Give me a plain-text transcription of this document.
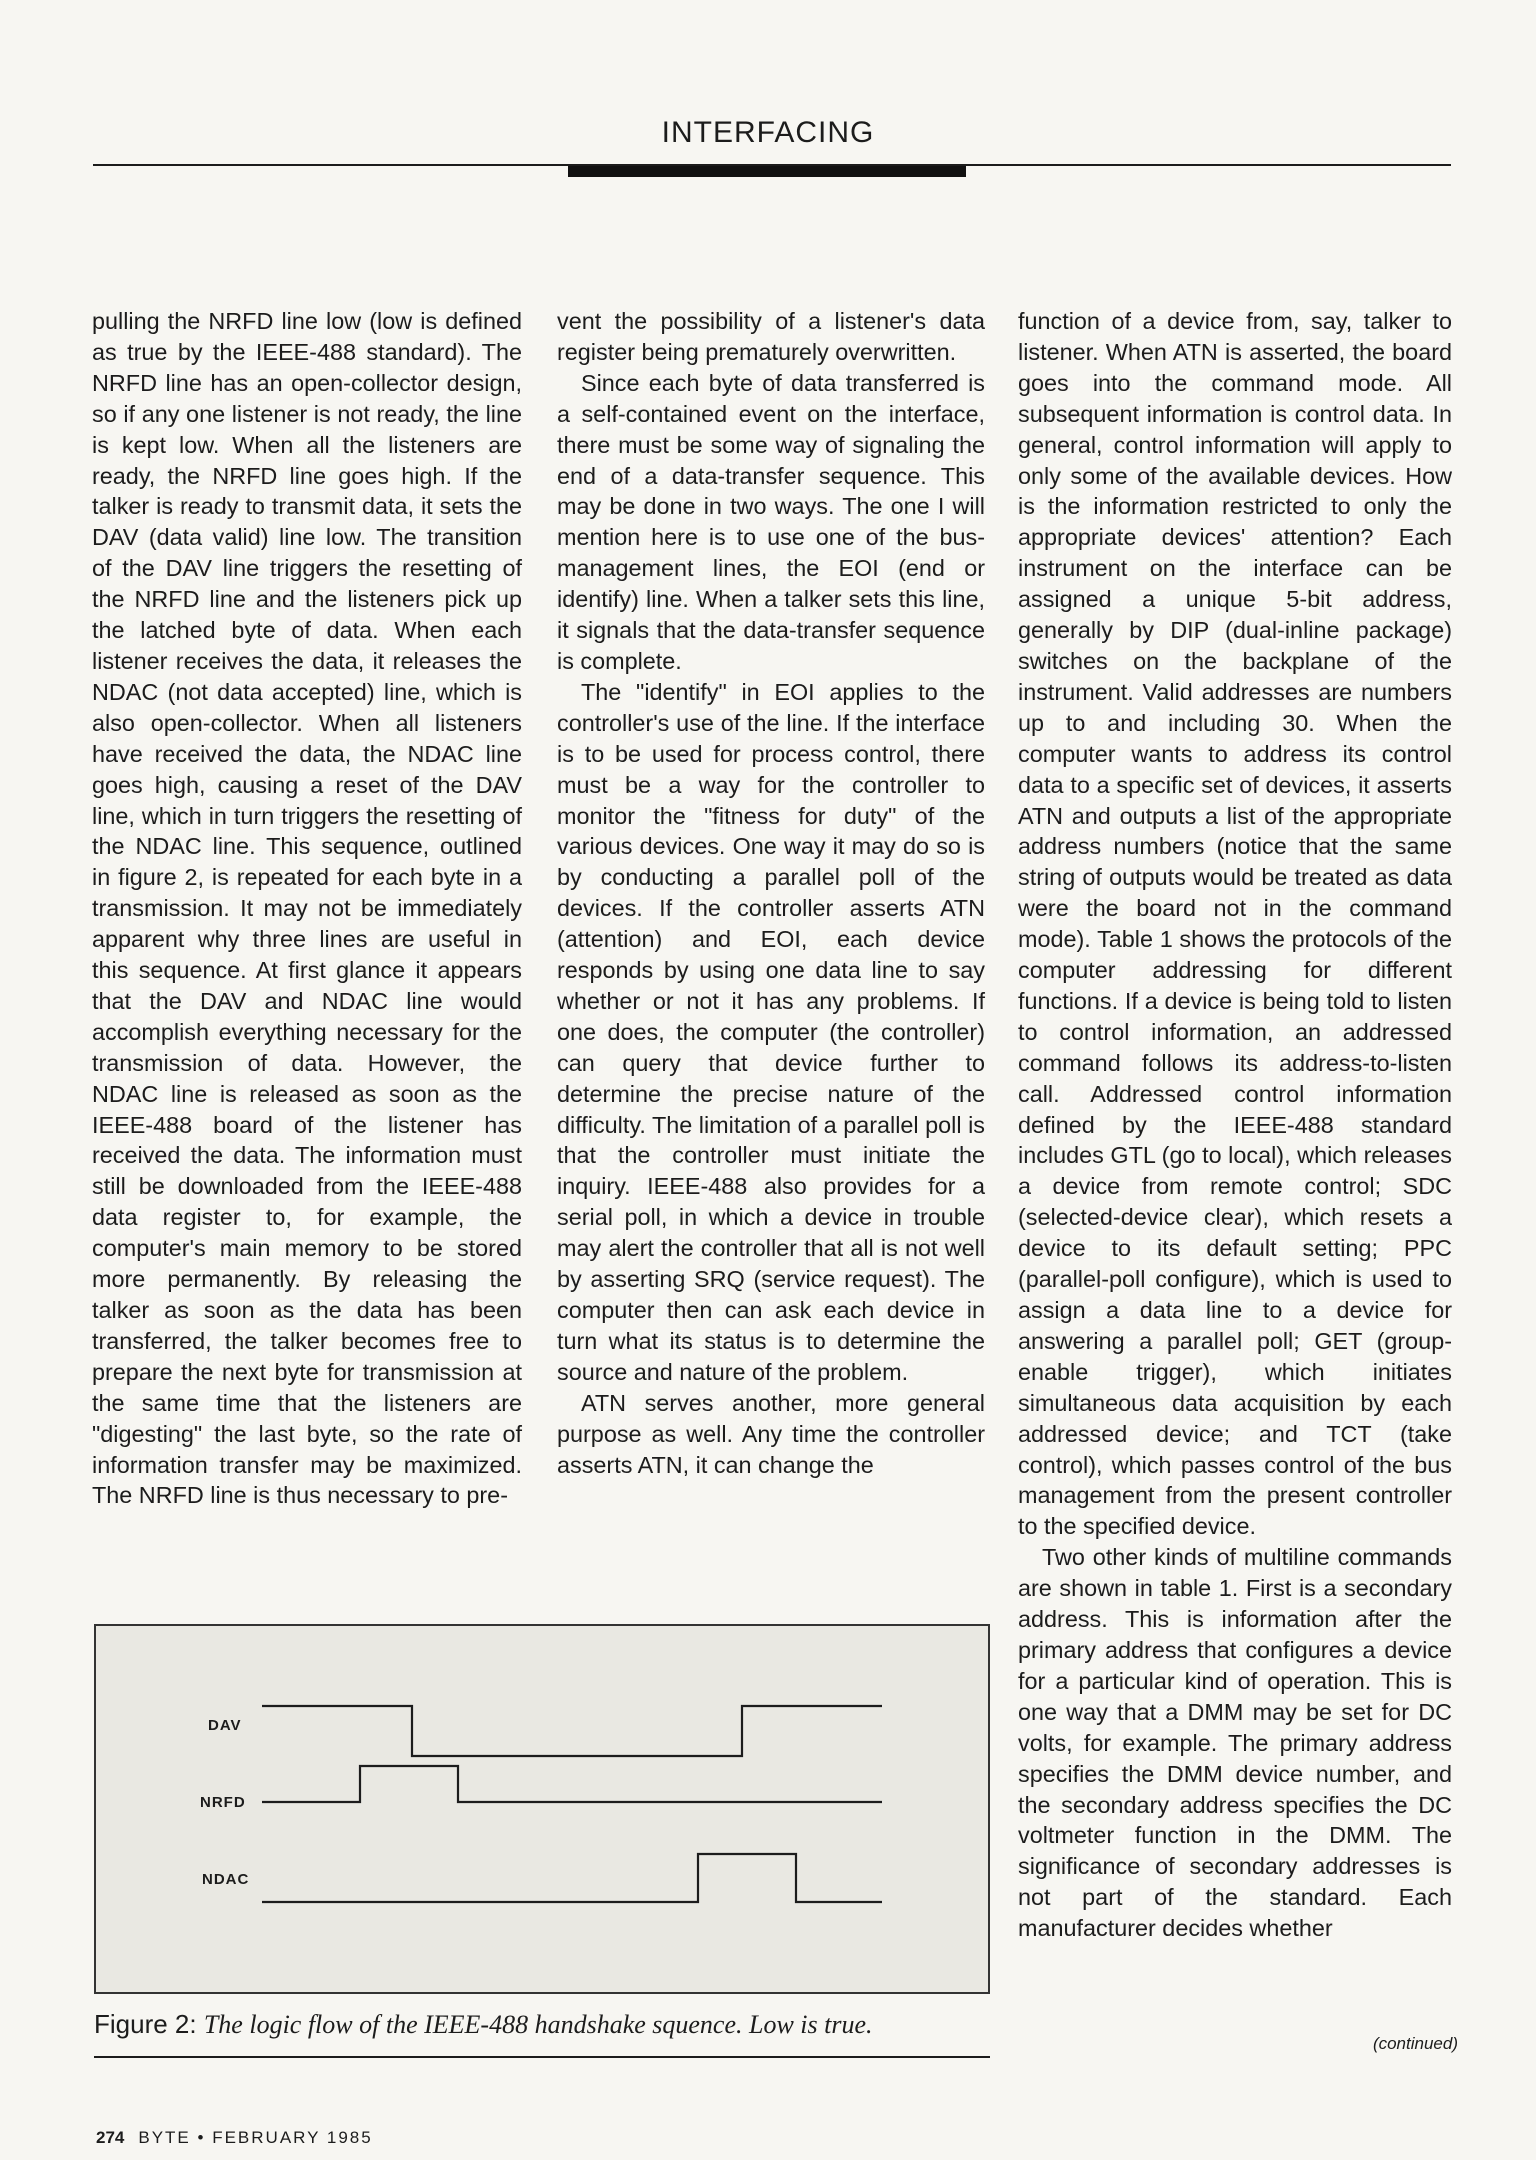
INTERFACING

pulling the NRFD line low (low is defined as true by the IEEE-488 standard). The NRFD line has an open-collector design, so if any one listener is not ready, the line is kept low. When all the listeners are ready, the NRFD line goes high. If the talker is ready to transmit data, it sets the DAV (data valid) line low. The transition of the DAV line triggers the resetting of the NRFD line and the listeners pick up the latched byte of data. When each listener receives the data, it releases the NDAC (not data accepted) line, which is also open-collector. When all listeners have received the data, the NDAC line goes high, causing a reset of the DAV line, which in turn triggers the resetting of the NDAC line. This sequence, outlined in figure 2, is repeated for each byte in a transmission. It may not be immediately apparent why three lines are useful in this sequence. At first glance it appears that the DAV and NDAC line would accomplish everything necessary for the transmission of data. However, the NDAC line is released as soon as the IEEE-488 board of the listener has received the data. The information must still be downloaded from the IEEE-488 data register to, for example, the computer's main memory to be stored more permanently. By releasing the talker as soon as the data has been transferred, the talker becomes free to prepare the next byte for transmission at the same time that the listeners are "digesting" the last byte, so the rate of information transfer may be maximized. The NRFD line is thus necessary to pre-

vent the possibility of a listener's data register being prematurely overwritten.

Since each byte of data transferred is a self-contained event on the interface, there must be some way of signaling the end of a data-transfer sequence. This may be done in two ways. The one I will mention here is to use one of the bus-management lines, the EOI (end or identify) line. When a talker sets this line, it signals that the data-transfer sequence is complete.

The "identify" in EOI applies to the controller's use of the line. If the interface is to be used for process control, there must be a way for the controller to monitor the "fitness for duty" of the various devices. One way it may do so is by conducting a parallel poll of the devices. If the controller asserts ATN (attention) and EOI, each device responds by using one data line to say whether or not it has any problems. If one does, the computer (the controller) can query that device further to determine the precise nature of the difficulty. The limitation of a parallel poll is that the controller must initiate the inquiry. IEEE-488 also provides for a serial poll, in which a device in trouble may alert the controller that all is not well by asserting SRQ (service request). The computer then can ask each device in turn what its status is to determine the source and nature of the problem.

ATN serves another, more general purpose as well. Any time the controller asserts ATN, it can change the

function of a device from, say, talker to listener. When ATN is asserted, the board goes into the command mode. All subsequent information is control data. In general, control information will apply to only some of the available devices. How is the information restricted to only the appropriate devices' attention? Each instrument on the interface can be assigned a unique 5-bit address, generally by DIP (dual-inline package) switches on the backplane of the instrument. Valid addresses are numbers up to and including 30. When the computer wants to address its control data to a specific set of devices, it asserts ATN and outputs a list of the appropriate address numbers (notice that the same string of outputs would be treated as data were the board not in the command mode). Table 1 shows the protocols of the computer addressing for different functions. If a device is being told to listen to control information, an addressed command follows its address-to-listen call. Addressed control information defined by the IEEE-488 standard includes GTL (go to local), which releases a device from remote control; SDC (selected-device clear), which resets a device to its default setting; PPC (parallel-poll configure), which is used to assign a data line to a device for answering a parallel poll; GET (group-enable trigger), which initiates simultaneous data acquisition by each addressed device; and TCT (take control), which passes control of the bus management from the present controller to the specified device.

Two other kinds of multiline commands are shown in table 1. First is a secondary address. This is information after the primary address that configures a device for a particular kind of operation. This is one way that a DMM may be set for DC volts, for example. The primary address specifies the DMM device number, and the secondary address specifies the DC voltmeter function in the DMM. The significance of secondary addresses is not part of the standard. Each manufacturer decides whether

(continued)
DAV
NRFD
NDAC
Figure 2: The logic flow of the IEEE-488 handshake squence. Low is true.
274 BYTE • FEBRUARY 1985
